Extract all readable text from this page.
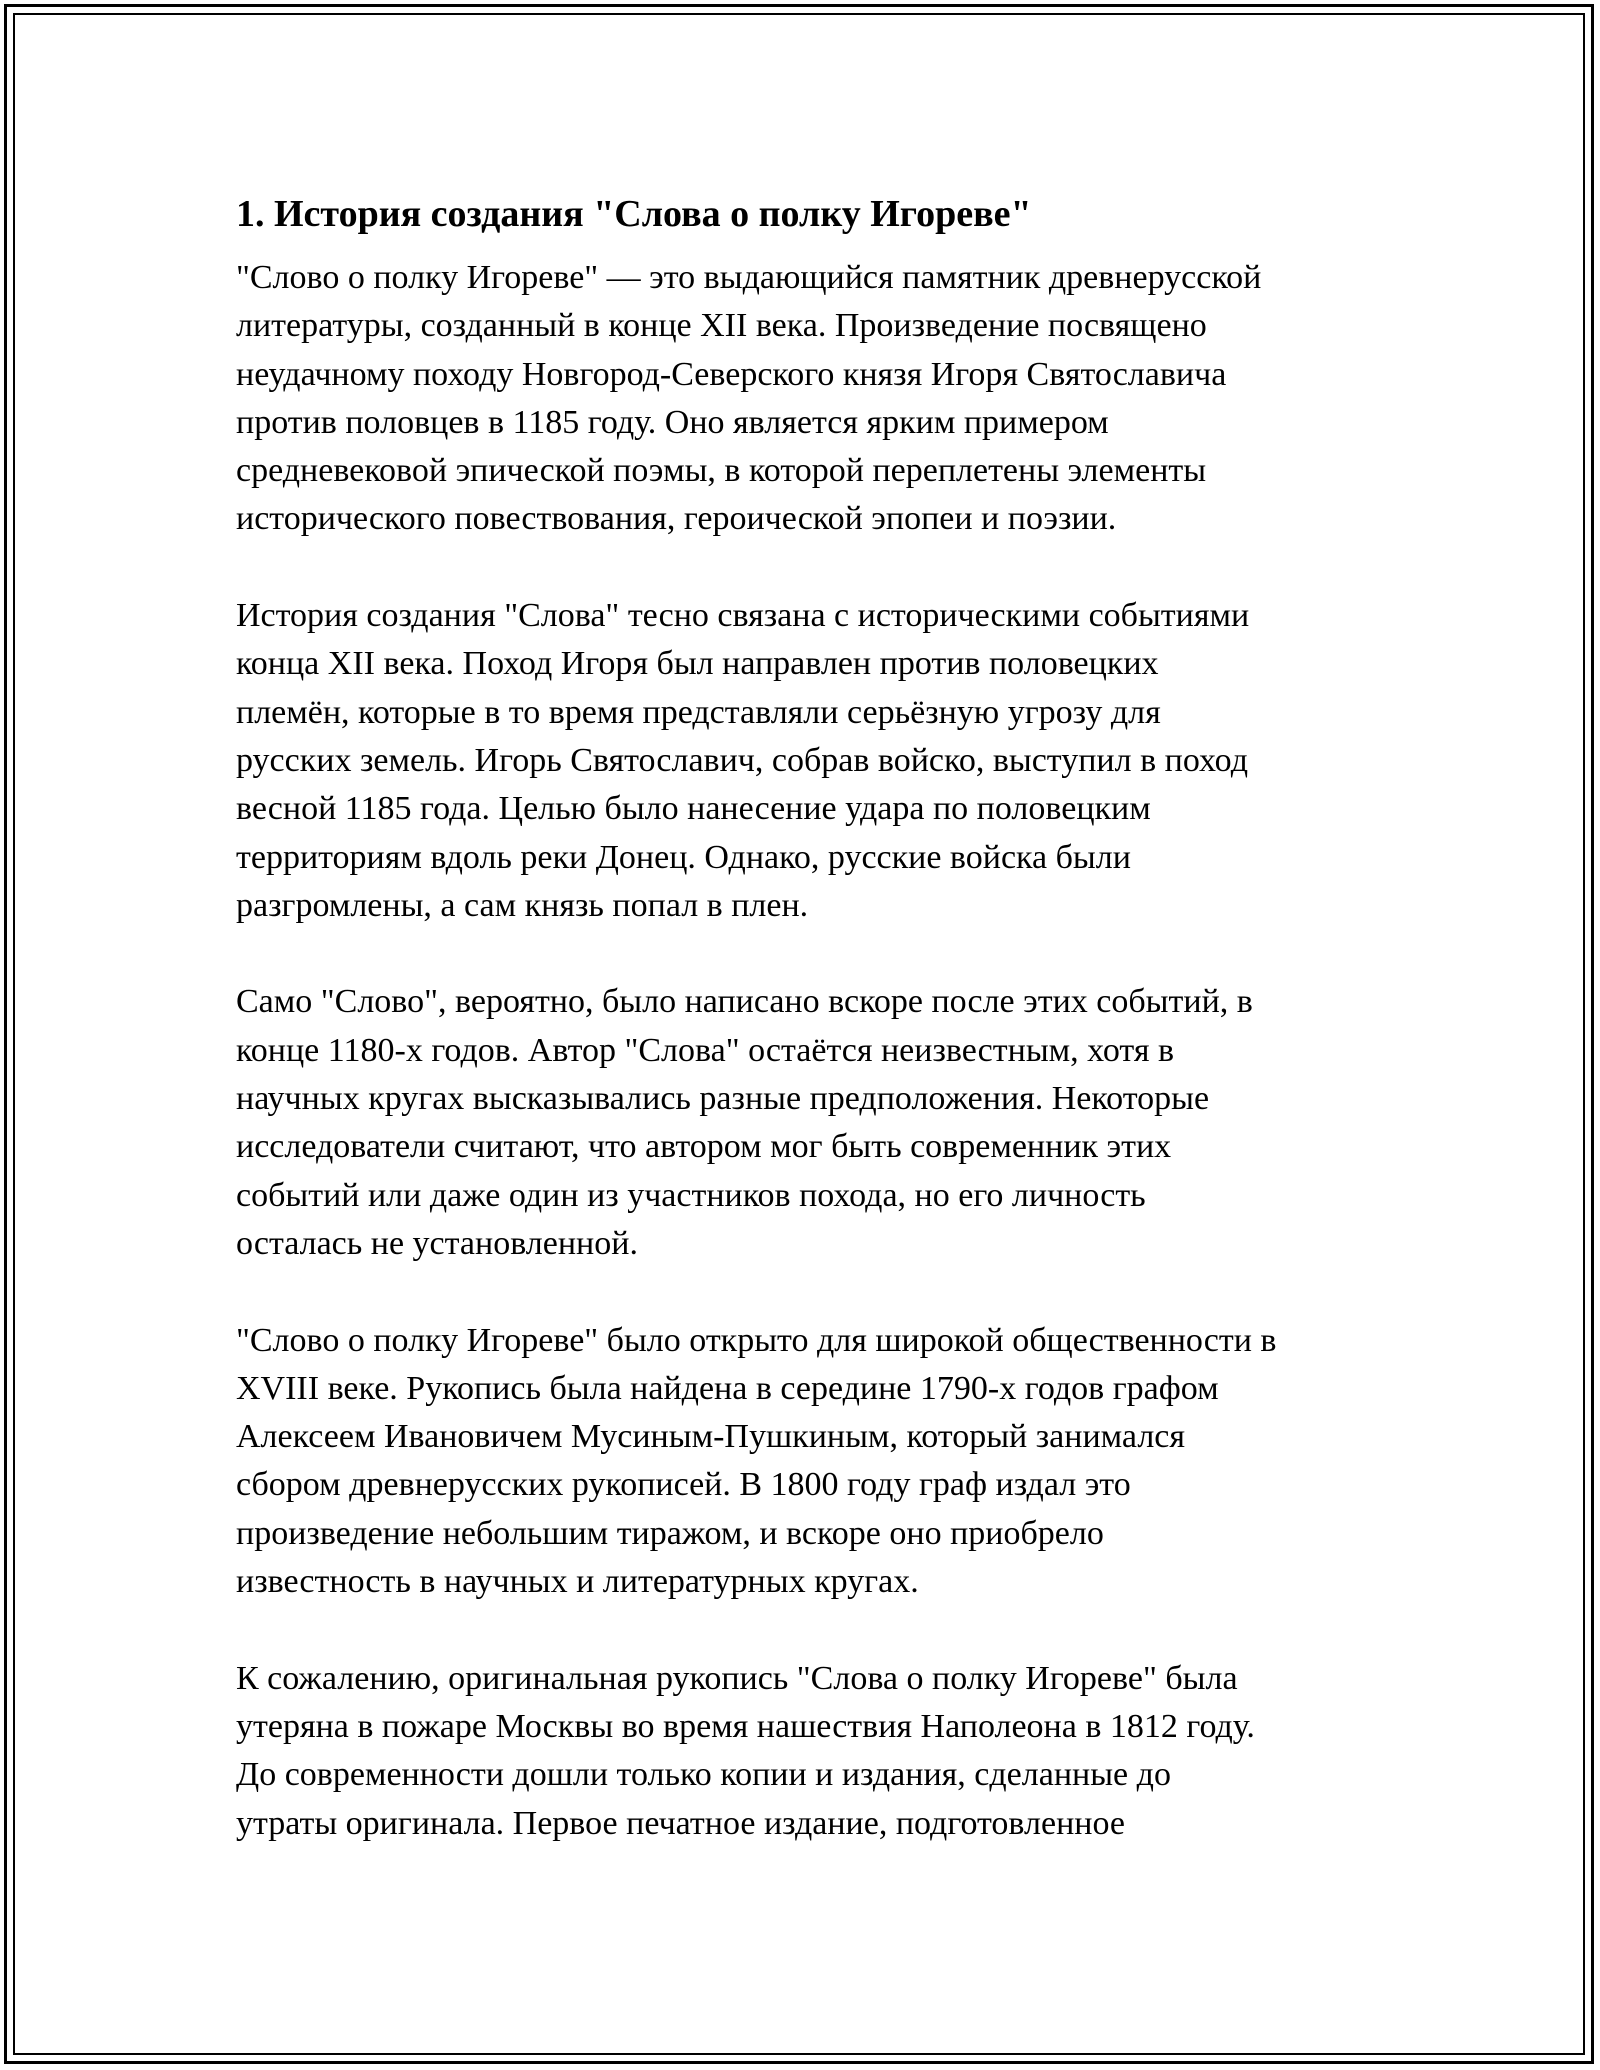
1. История создания "Слова о полку Игореве"

"Слово о полку Игореве" — это выдающийся памятник древнерусской
литературы, созданный в конце XII века. Произведение посвящено
неудачному походу Новгород-Северского князя Игоря Святославича
против половцев в 1185 году. Оно является ярким примером
средневековой эпической поэмы, в которой переплетены элементы
исторического повествования, героической эпопеи и поэзии.

История создания "Слова" тесно связана с историческими событиями
конца XII века. Поход Игоря был направлен против половецких
племён, которые в то время представляли серьёзную угрозу для
русских земель. Игорь Святославич, собрав войско, выступил в поход
весной 1185 года. Целью было нанесение удара по половецким
территориям вдоль реки Донец. Однако, русские войска были
разгромлены, а сам князь попал в плен.

Само "Слово", вероятно, было написано вскоре после этих событий, в
конце 1180-х годов. Автор "Слова" остаётся неизвестным, хотя в
научных кругах высказывались разные предположения. Некоторые
исследователи считают, что автором мог быть современник этих
событий или даже один из участников похода, но его личность
осталась не установленной.

"Слово о полку Игореве" было открыто для широкой общественности в
XVIII веке. Рукопись была найдена в середине 1790-х годов графом
Алексеем Ивановичем Мусиным-Пушкиным, который занимался
сбором древнерусских рукописей. В 1800 году граф издал это
произведение небольшим тиражом, и вскоре оно приобрело
известность в научных и литературных кругах.

К сожалению, оригинальная рукопись "Слова о полку Игореве" была
утеряна в пожаре Москвы во время нашествия Наполеона в 1812 году.
До современности дошли только копии и издания, сделанные до
утраты оригинала. Первое печатное издание, подготовленное
